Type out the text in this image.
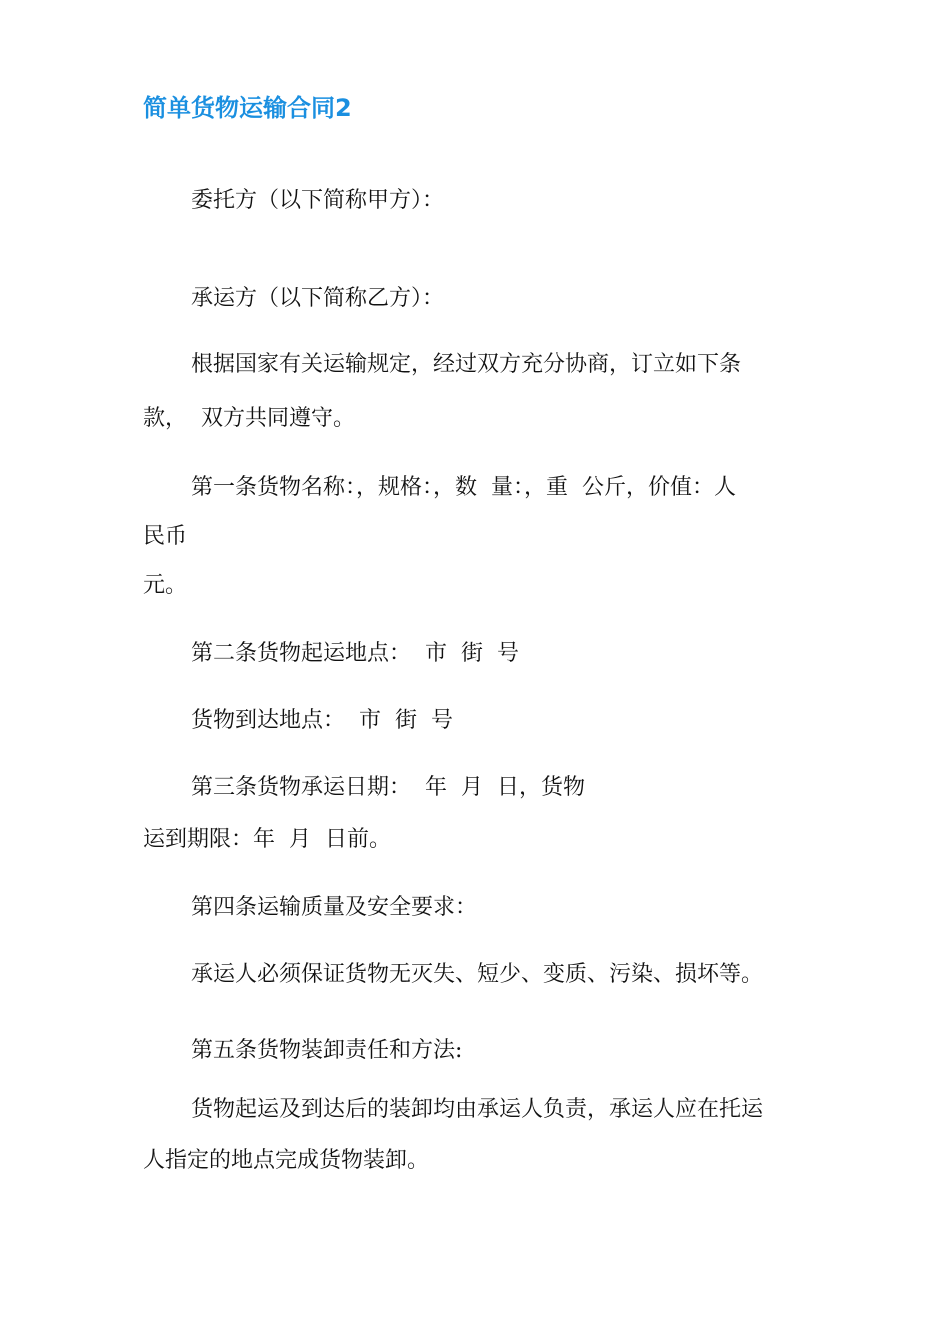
简单货物运输合同2
委托方（以下简称甲方）：
承运方（以下简称乙方）：
根据国家有关运输规定，经过双方充分协商，订立如下条
款，  双方共同遵守。
第一条货物名称：，规格：，数  量：，重  公斤，价值：人
民币
元。
第二条货物起运地点：  市  街  号
货物到达地点：  市  街  号
第三条货物承运日期：  年  月  日，货物
运到期限：年  月  日前。
第四条运输质量及安全要求：
承运人必须保证货物无灭失、短少、变质、污染、损坏等。
第五条货物装卸责任和方法:
货物起运及到达后的装卸均由承运人负责，承运人应在托运
人指定的地点完成货物装卸。
